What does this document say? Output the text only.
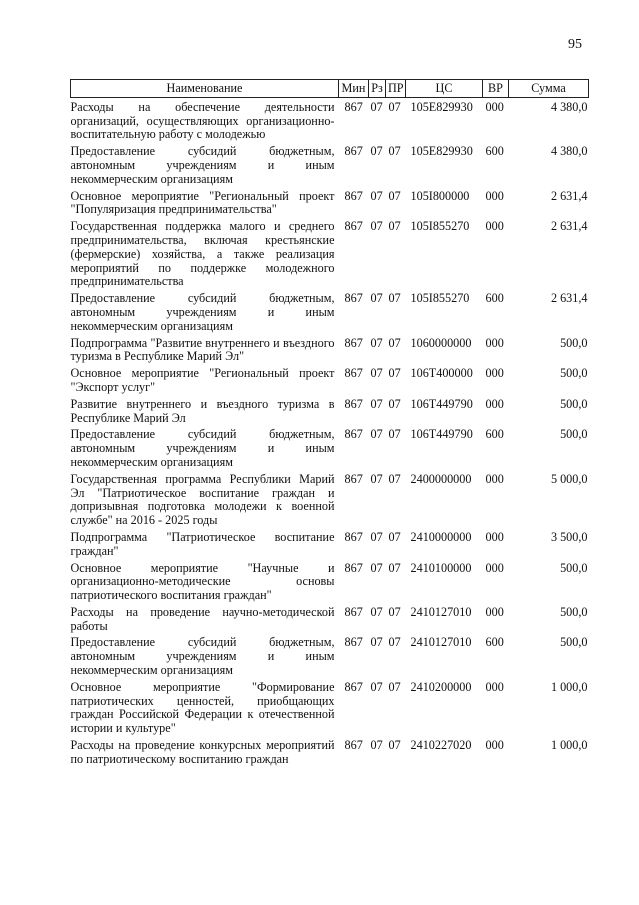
95
Наименование	Мин	Рз	ПР	ЦС	ВР	Сумма
Расходы на обеспечение деятельности организаций, осуществляющих организационно-воспитательную работу с молодежью	867	07	07	105E829930	000	4 380,0
Предоставление субсидий бюджетным, автономным учреждениям и иным некоммерческим организациям	867	07	07	105E829930	600	4 380,0
Основное мероприятие "Региональный проект "Популяризация предпринимательства"	867	07	07	105I800000	000	2 631,4
Государственная поддержка малого и среднего предпринимательства, включая крестьянские (фермерские) хозяйства, а также реализация мероприятий по поддержке молодежного предпринимательства	867	07	07	105I855270	000	2 631,4
Предоставление субсидий бюджетным, автономным учреждениям и иным некоммерческим организациям	867	07	07	105I855270	600	2 631,4
Подпрограмма "Развитие внутреннего и въездного туризма в Республике Марий Эл"	867	07	07	1060000000	000	500,0
Основное мероприятие "Региональный проект "Экспорт услуг"	867	07	07	106T400000	000	500,0
Развитие внутреннего и въездного туризма в Республике Марий Эл	867	07	07	106T449790	000	500,0
Предоставление субсидий бюджетным, автономным учреждениям и иным некоммерческим организациям	867	07	07	106T449790	600	500,0
Государственная программа Республики Марий Эл "Патриотическое воспитание граждан и допризывная подготовка молодежи к военной службе" на 2016 - 2025 годы	867	07	07	2400000000	000	5 000,0
Подпрограмма "Патриотическое воспитание граждан"	867	07	07	2410000000	000	3 500,0
Основное мероприятие "Научные и организационно-методические основы патриотического воспитания граждан"	867	07	07	2410100000	000	500,0
Расходы на проведение научно-методической работы	867	07	07	2410127010	000	500,0
Предоставление субсидий бюджетным, автономным учреждениям и иным некоммерческим организациям	867	07	07	2410127010	600	500,0
Основное мероприятие "Формирование патриотических ценностей, приобщающих граждан Российской Федерации к отечественной истории и культуре"	867	07	07	2410200000	000	1 000,0
Расходы на проведение конкурсных мероприятий по патриотическому воспитанию граждан	867	07	07	2410227020	000	1 000,0
